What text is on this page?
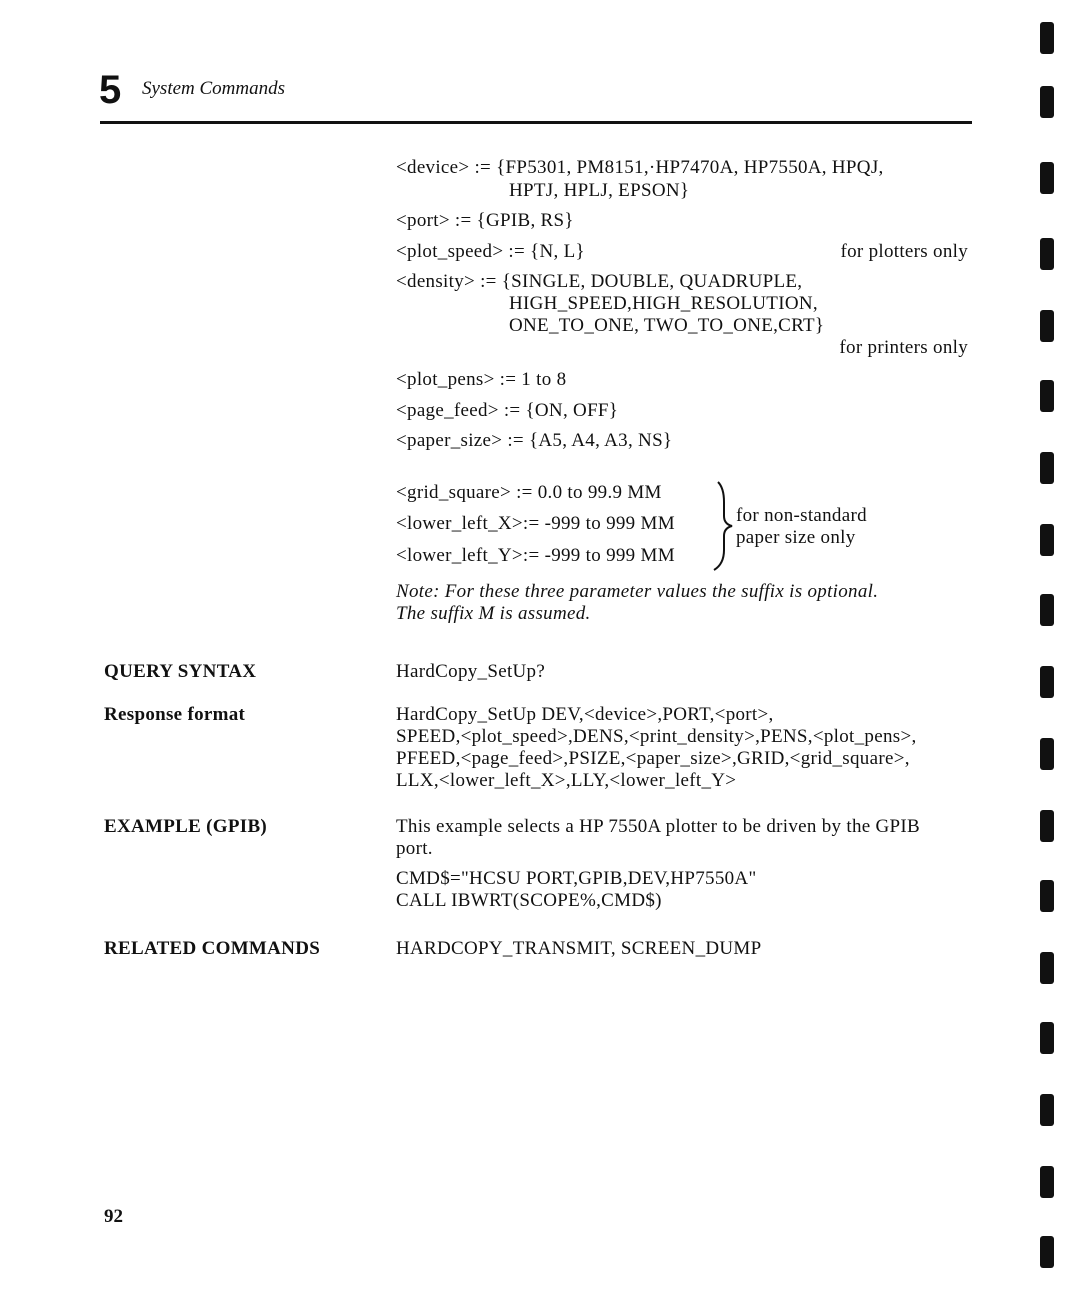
5 System Commands
<device> := {FP5301, PM8151,·HP7470A, HP7550A, HPQJ,
HPTJ, HPLJ, EPSON}
<port> := {GPIB, RS}
<plot_speed> := {N, L}	for plotters only
<density> := {SINGLE, DOUBLE, QUADRUPLE,
HIGH_SPEED,HIGH_RESOLUTION,
ONE_TO_ONE, TWO_TO_ONE,CRT}
for printers only
<plot_pens> := 1 to 8
<page_feed> := {ON, OFF}
<paper_size> := {A5, A4, A3, NS}
<grid_square> := 0.0 to 99.9 MM
<lower_left_X>:= -999 to 999 MM
<lower_left_Y>:= -999 to 999 MM
for non-standard
paper size only
Note: For these three parameter values the suffix is optional.
The suffix M is assumed.
QUERY SYNTAX	HardCopy_SetUp?
Response format	HardCopy_SetUp DEV,<device>,PORT,<port>,
SPEED,<plot_speed>,DENS,<print_density>,PENS,<plot_pens>,
PFEED,<page_feed>,PSIZE,<paper_size>,GRID,<grid_square>,
LLX,<lower_left_X>,LLY,<lower_left_Y>
EXAMPLE (GPIB)	This example selects a HP 7550A plotter to be driven by the GPIB
port.
CMD$="HCSU PORT,GPIB,DEV,HP7550A"
CALL IBWRT(SCOPE%,CMD$)
RELATED COMMANDS	HARDCOPY_TRANSMIT, SCREEN_DUMP
92
